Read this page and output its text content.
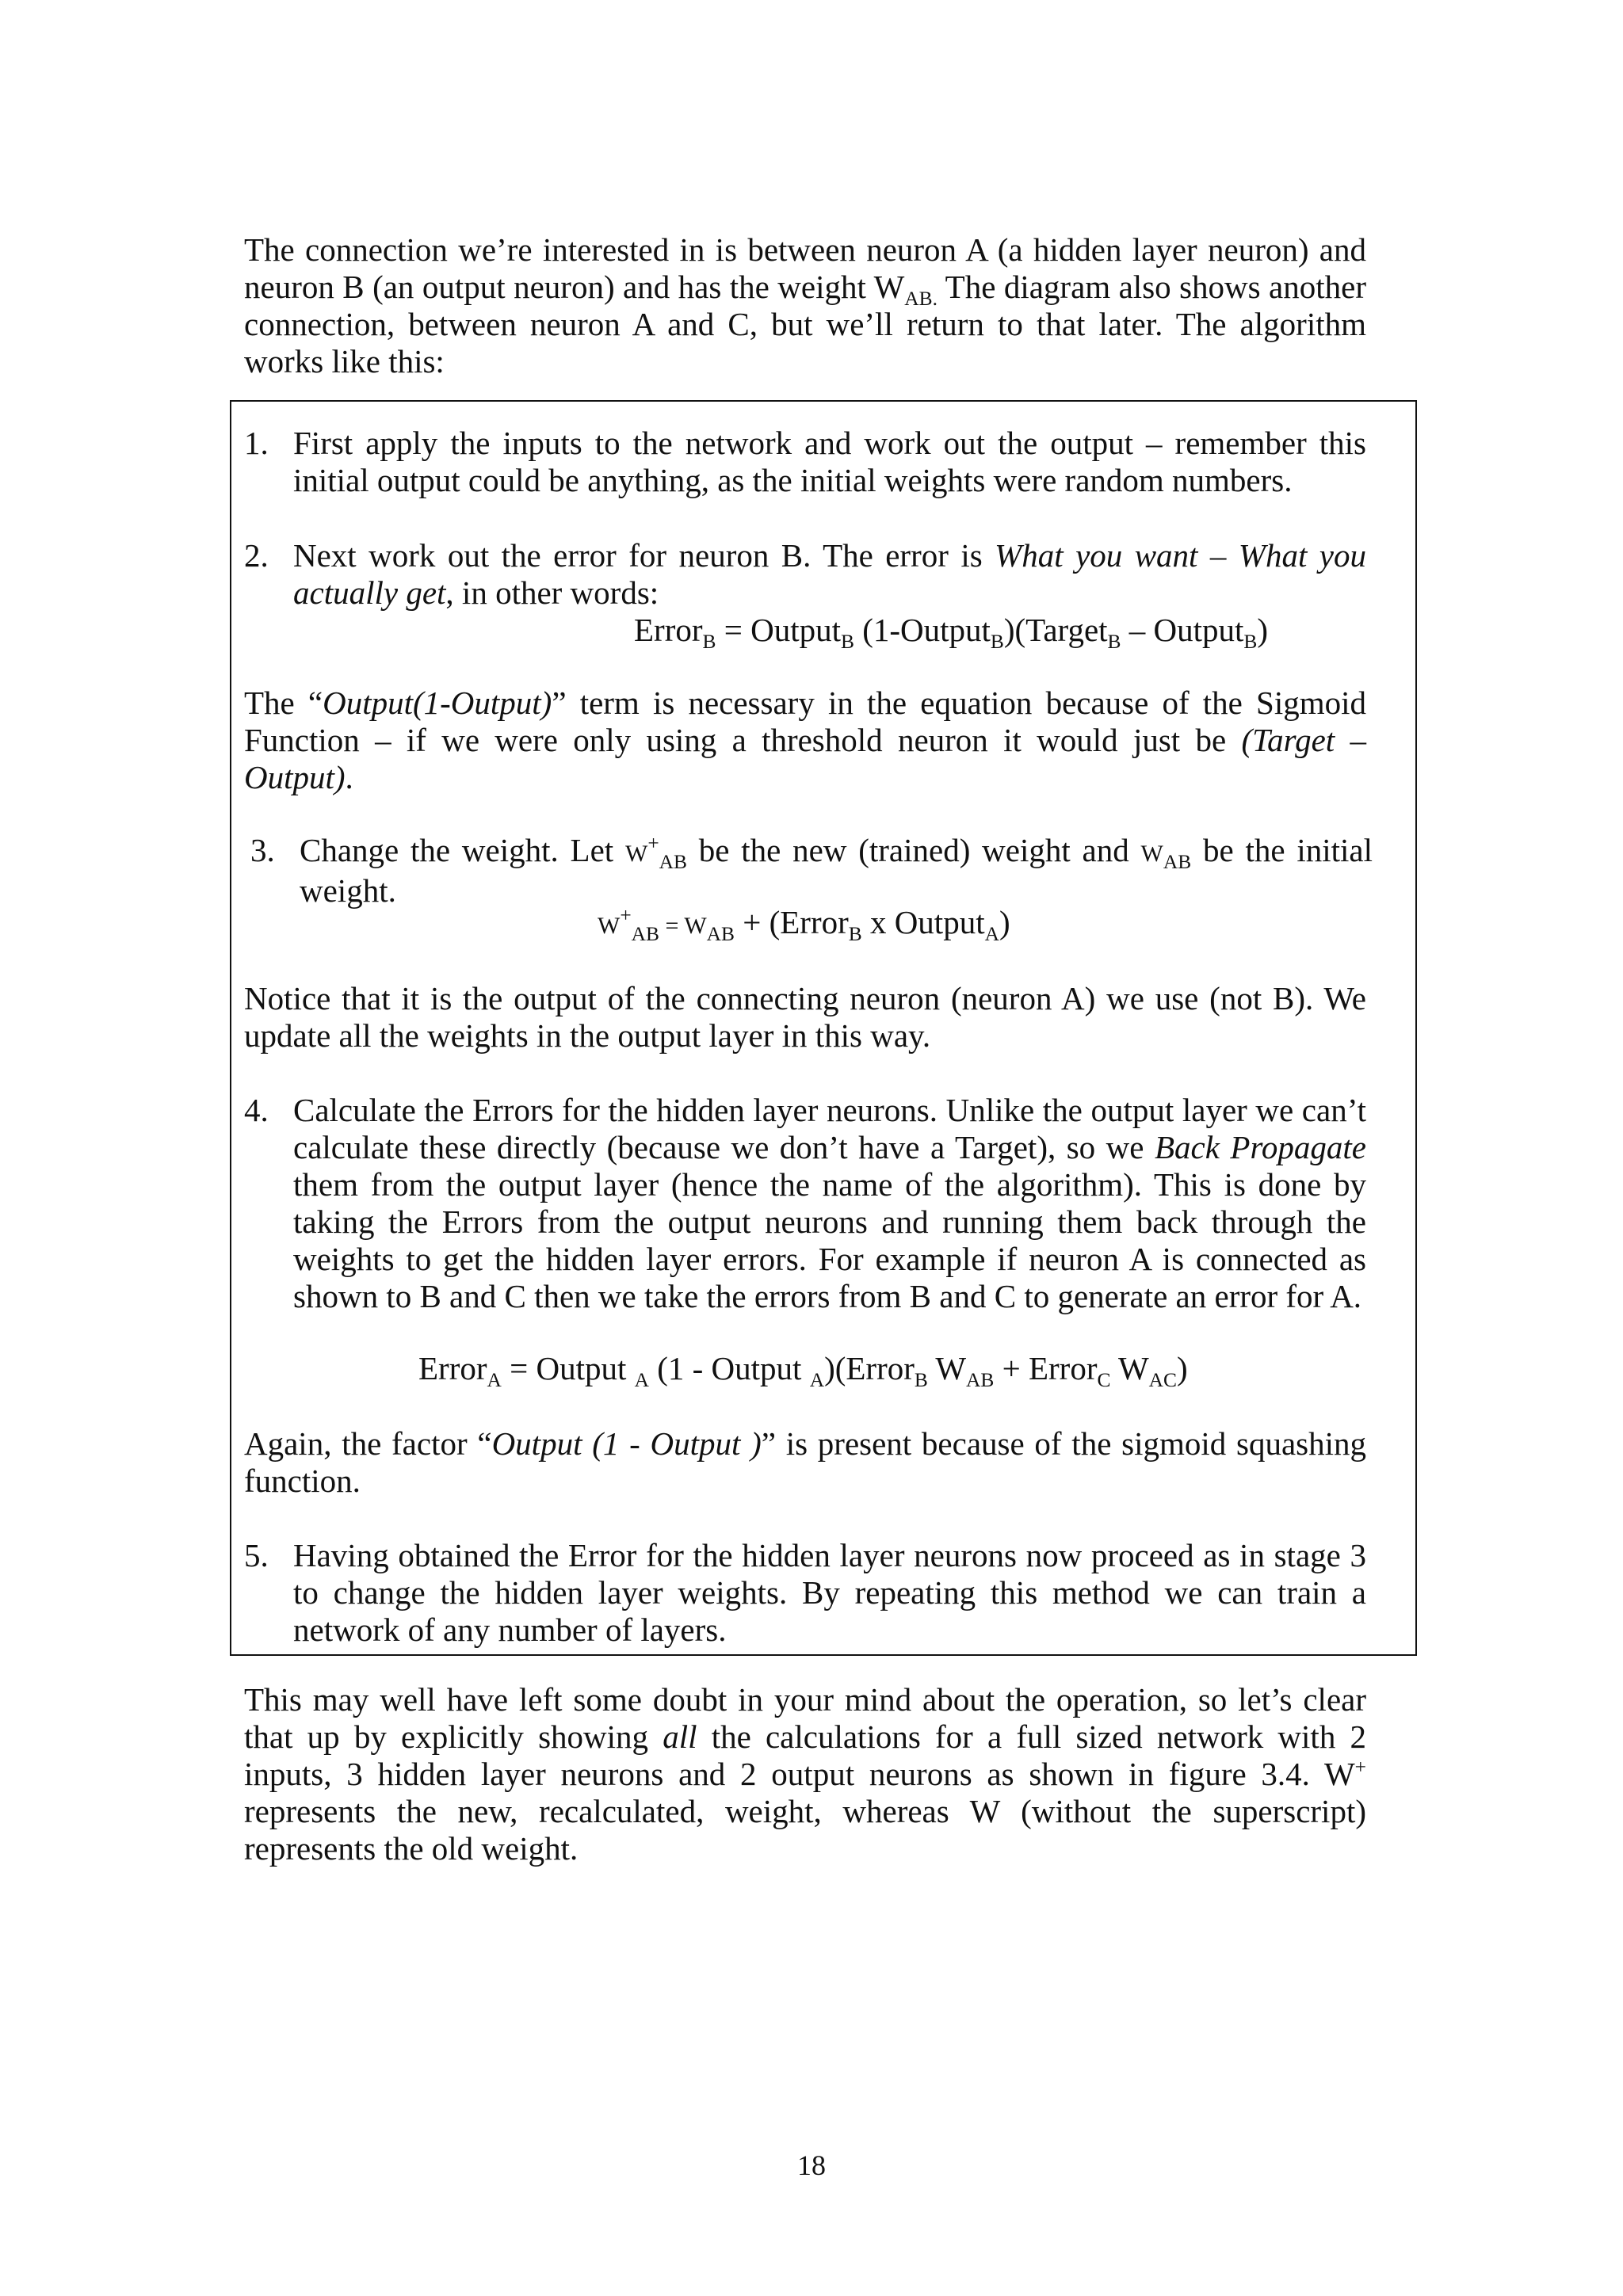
The connection we’re interested in is between neuron A (a hidden layer neuron) and neuron B (an output neuron) and has the weight $W_{AB.}$ The diagram also shows another connection, between neuron A and C, but we’ll return to that later. The algorithm works like this:

1. First apply the inputs to the network and work out the output – remember this initial output could be anything, as the initial weights were random numbers.
2. Next work out the error for neuron B. The error is What you want – What you actually get, in other words:
Error$_B$ = Output$_B$ (1-Output$_B$)(Target$_B$ – Output$_B$)

The “Output(1-Output)” term is necessary in the equation because of the Sigmoid Function – if we were only using a threshold neuron it would just be (Target – Output).

3. Change the weight. Let $W^+_{AB}$ be the new (trained) weight and $W_{AB}$ be the initial weight.
$W^+_{AB} = W_{AB}$ + (Error$_B$ x Output$_A$)

Notice that it is the output of the connecting neuron (neuron A) we use (not B). We update all the weights in the output layer in this way.

4. Calculate the Errors for the hidden layer neurons. Unlike the output layer we can’t calculate these directly (because we don’t have a Target), so we Back Propagate them from the output layer (hence the name of the algorithm). This is done by taking the Errors from the output neurons and running them back through the weights to get the hidden layer errors. For example if neuron A is connected as shown to B and C then we take the errors from B and C to generate an error for A.
Error$_A$ = Output $_A$ (1 - Output $_A$)(Error$_B$ $W_{AB}$ + Error$_C$ $W_{AC}$)

Again, the factor “Output (1 - Output )” is present because of the sigmoid squashing function.

5. Having obtained the Error for the hidden layer neurons now proceed as in stage 3 to change the hidden layer weights. By repeating this method we can train a network of any number of layers.

This may well have left some doubt in your mind about the operation, so let’s clear that up by explicitly showing all the calculations for a full sized network with 2 inputs, 3 hidden layer neurons and 2 output neurons as shown in figure 3.4. W+ represents the new, recalculated, weight, whereas W (without the superscript) represents the old weight.

18
